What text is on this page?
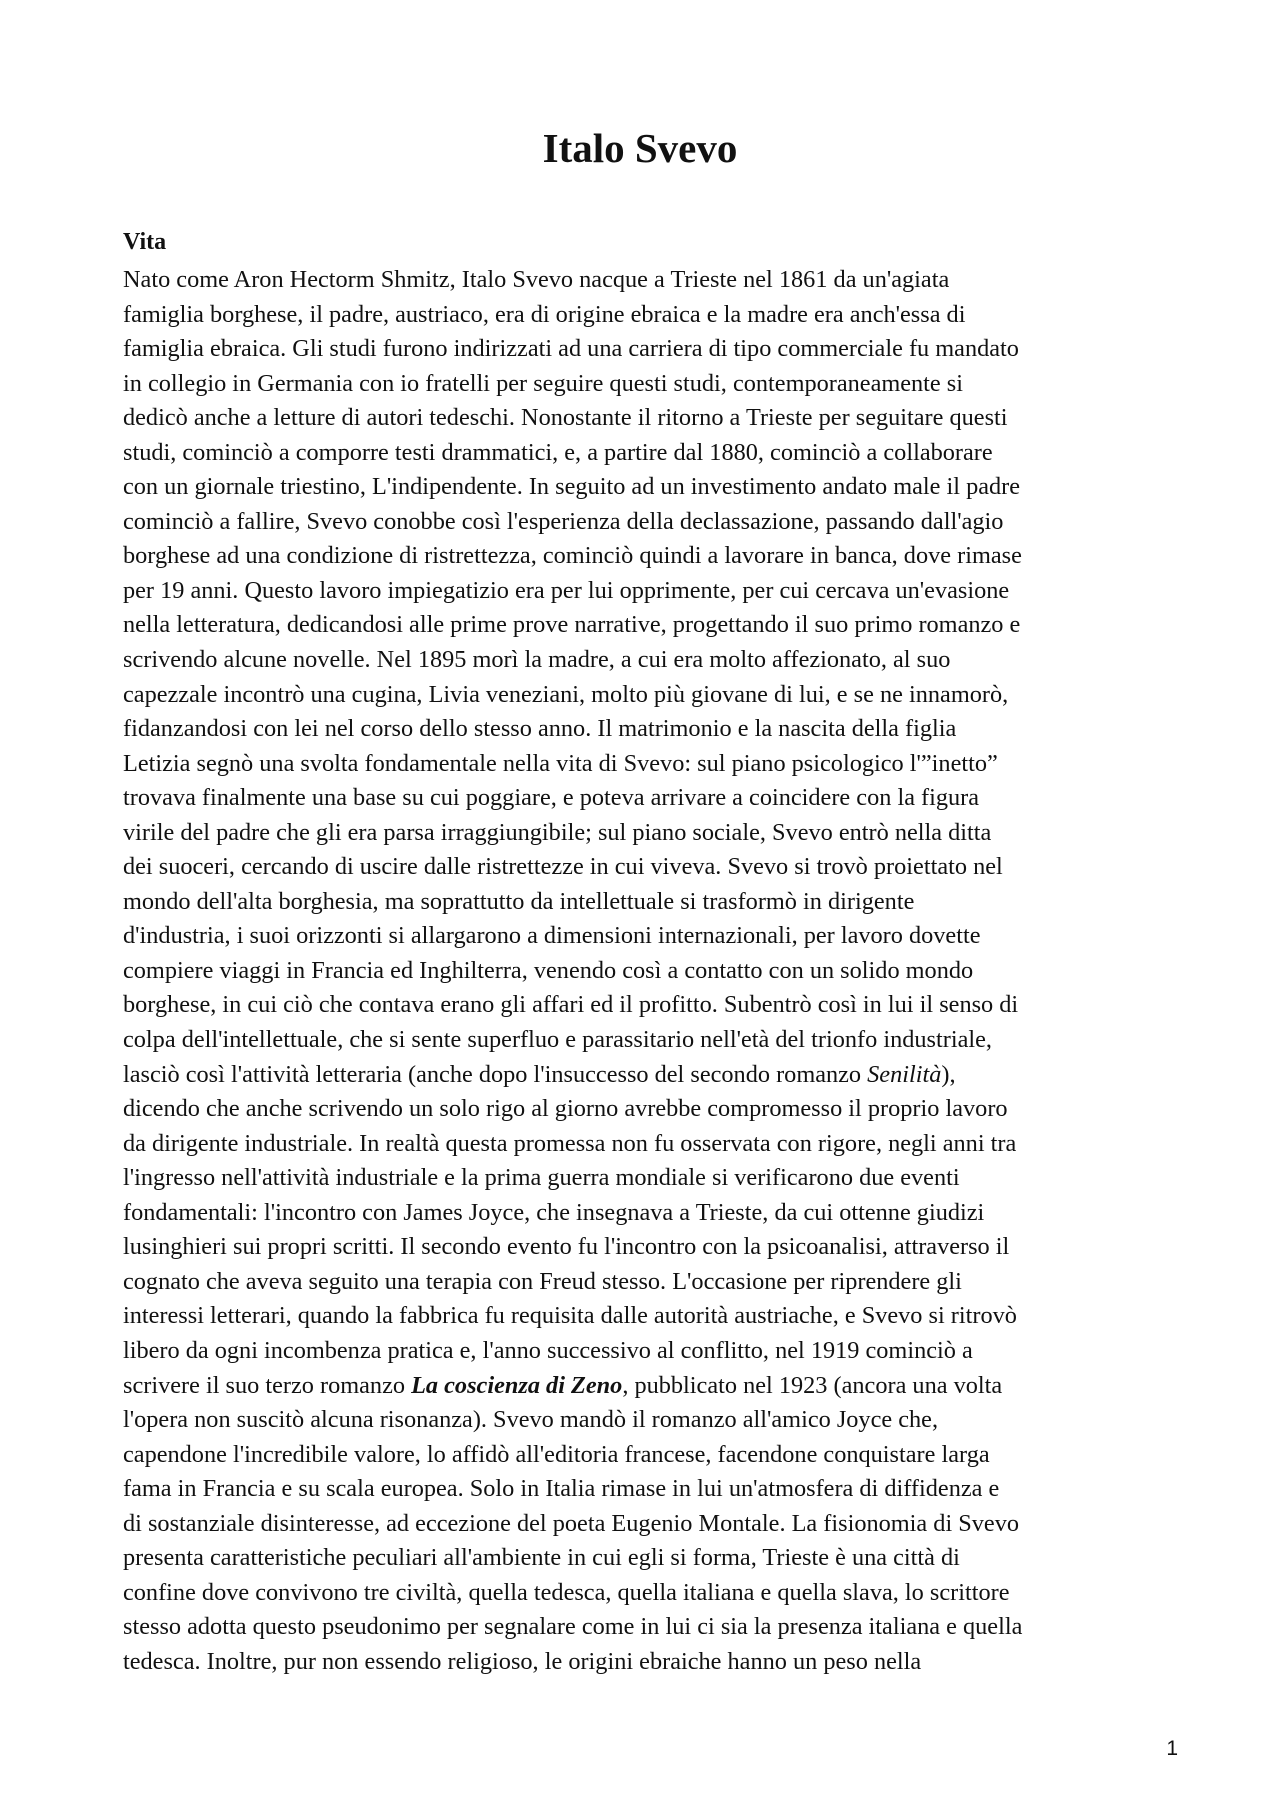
Italo Svevo
Vita
Nato come Aron Hectorm Shmitz, Italo Svevo nacque a Trieste nel 1861 da un'agiata
famiglia borghese, il padre, austriaco, era di origine ebraica e la madre era anch'essa di
famiglia ebraica. Gli studi furono indirizzati ad una carriera di tipo commerciale fu mandato
in collegio in Germania con io fratelli per seguire questi studi, contemporaneamente si
dedicò anche a letture di autori tedeschi. Nonostante il ritorno a Trieste per seguitare questi
studi, cominciò a comporre testi drammatici, e, a partire dal 1880, cominciò a collaborare
con un giornale triestino, L'indipendente. In seguito ad un investimento andato male il padre
cominciò a fallire, Svevo conobbe così l'esperienza della declassazione, passando dall'agio
borghese ad una condizione di ristrettezza, cominciò quindi a lavorare in banca, dove rimase
per 19 anni. Questo lavoro impiegatizio era per lui opprimente, per cui cercava un'evasione
nella letteratura, dedicandosi alle prime prove narrative, progettando il suo primo romanzo e
scrivendo alcune novelle. Nel 1895 morì la madre, a cui era molto affezionato, al suo
capezzale incontrò una cugina, Livia veneziani, molto più giovane di lui, e se ne innamorò,
fidanzandosi con lei nel corso dello stesso anno. Il matrimonio e la nascita della figlia
Letizia segnò una svolta fondamentale nella vita di Svevo: sul piano psicologico l'”inetto”
trovava finalmente una base su cui poggiare, e poteva arrivare a coincidere con la figura
virile del padre che gli era parsa irraggiungibile; sul piano sociale, Svevo entrò nella ditta
dei suoceri, cercando di uscire dalle ristrettezze in cui viveva. Svevo si trovò proiettato nel
mondo dell'alta borghesia, ma soprattutto da intellettuale si trasformò in dirigente
d'industria, i suoi orizzonti si allargarono a dimensioni internazionali, per lavoro dovette
compiere viaggi in Francia ed Inghilterra, venendo così a contatto con un solido mondo
borghese, in cui ciò che contava erano gli affari ed il profitto. Subentrò così in lui il senso di
colpa dell'intellettuale, che si sente superfluo e parassitario nell'età del trionfo industriale,
lasciò così l'attività letteraria (anche dopo l'insuccesso del secondo romanzo Senilità),
dicendo che anche scrivendo un solo rigo al giorno avrebbe compromesso il proprio lavoro
da dirigente industriale. In realtà questa promessa non fu osservata con rigore, negli anni tra
l'ingresso nell'attività industriale e la prima guerra mondiale si verificarono due eventi
fondamentali: l'incontro con James Joyce, che insegnava a Trieste, da cui ottenne giudizi
lusinghieri sui propri scritti. Il secondo evento fu l'incontro con la psicoanalisi, attraverso il
cognato che aveva seguito una terapia con Freud stesso. L'occasione per riprendere gli
interessi letterari, quando la fabbrica fu requisita dalle autorità austriache, e Svevo si ritrovò
libero da ogni incombenza pratica e, l'anno successivo al conflitto, nel 1919 cominciò a
scrivere il suo terzo romanzo La coscienza di Zeno, pubblicato nel 1923 (ancora una volta
l'opera non suscitò alcuna risonanza). Svevo mandò il romanzo all'amico Joyce che,
capendone l'incredibile valore, lo affidò all'editoria francese, facendone conquistare larga
fama in Francia e su scala europea. Solo in Italia rimase in lui un'atmosfera di diffidenza e
di sostanziale disinteresse, ad eccezione del poeta Eugenio Montale. La fisionomia di Svevo
presenta caratteristiche peculiari all'ambiente in cui egli si forma, Trieste è una città di
confine dove convivono tre civiltà, quella tedesca, quella italiana e quella slava, lo scrittore
stesso adotta questo pseudonimo per segnalare come in lui ci sia la presenza italiana e quella
tedesca. Inoltre, pur non essendo religioso, le origini ebraiche hanno un peso nella
1
